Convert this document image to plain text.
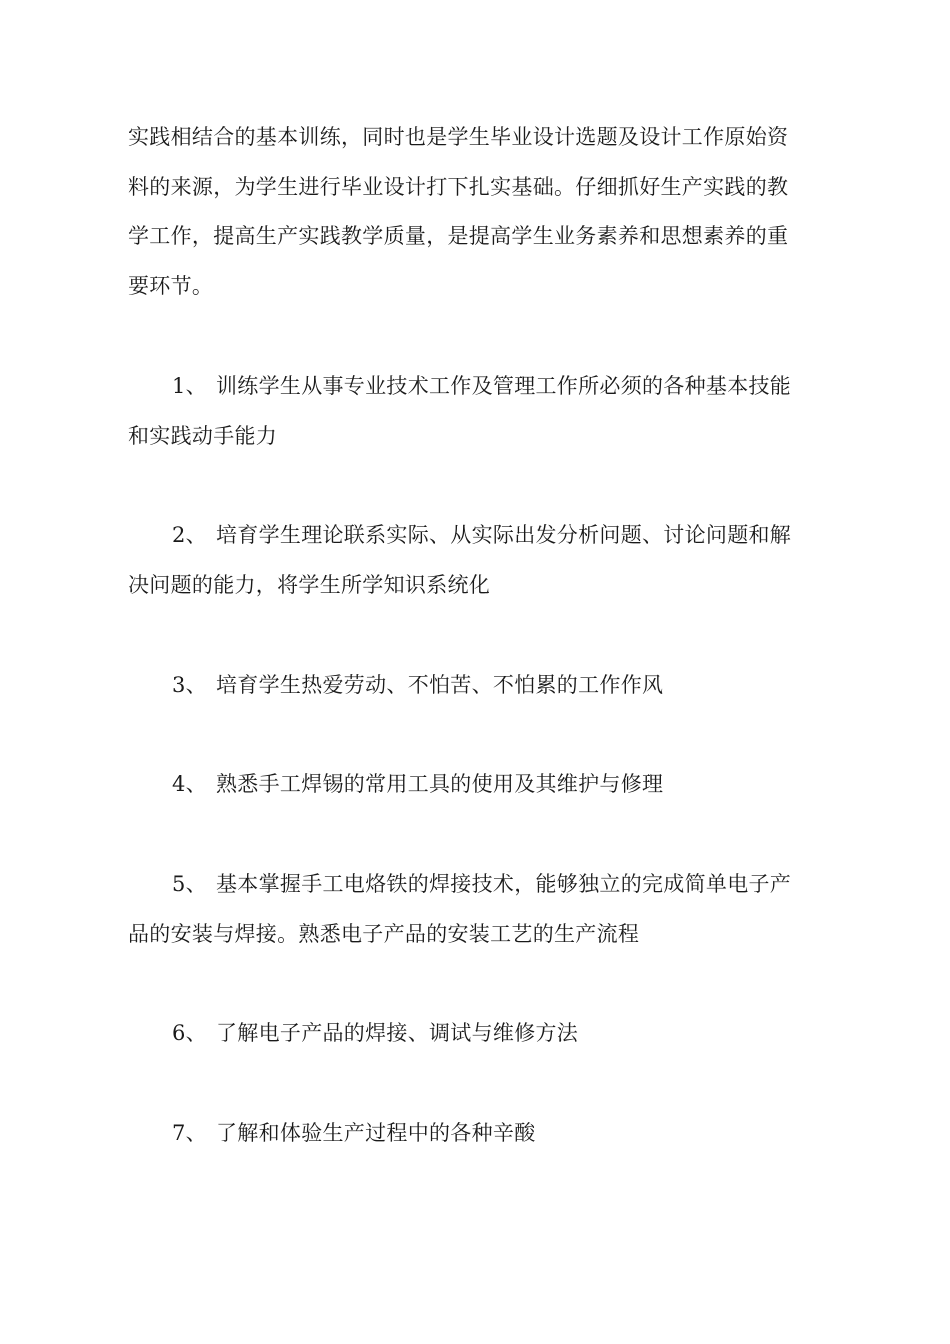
实践相结合的基本训练，同时也是学生毕业设计选题及设计工作原始资
料的来源，为学生进行毕业设计打下扎实基础。仔细抓好生产实践的教
学工作，提高生产实践教学质量，是提高学生业务素养和思想素养的重
要环节。

1、 训练学生从事专业技术工作及管理工作所必须的各种基本技能
和实践动手能力

2、 培育学生理论联系实际、从实际出发分析问题、讨论问题和解
决问题的能力，将学生所学知识系统化

3、 培育学生热爱劳动、不怕苦、不怕累的工作作风

4、 熟悉手工焊锡的常用工具的使用及其维护与修理

5、 基本掌握手工电烙铁的焊接技术，能够独立的完成简单电子产
品的安装与焊接。熟悉电子产品的安装工艺的生产流程

6、 了解电子产品的焊接、调试与维修方法

7、 了解和体验生产过程中的各种辛酸
